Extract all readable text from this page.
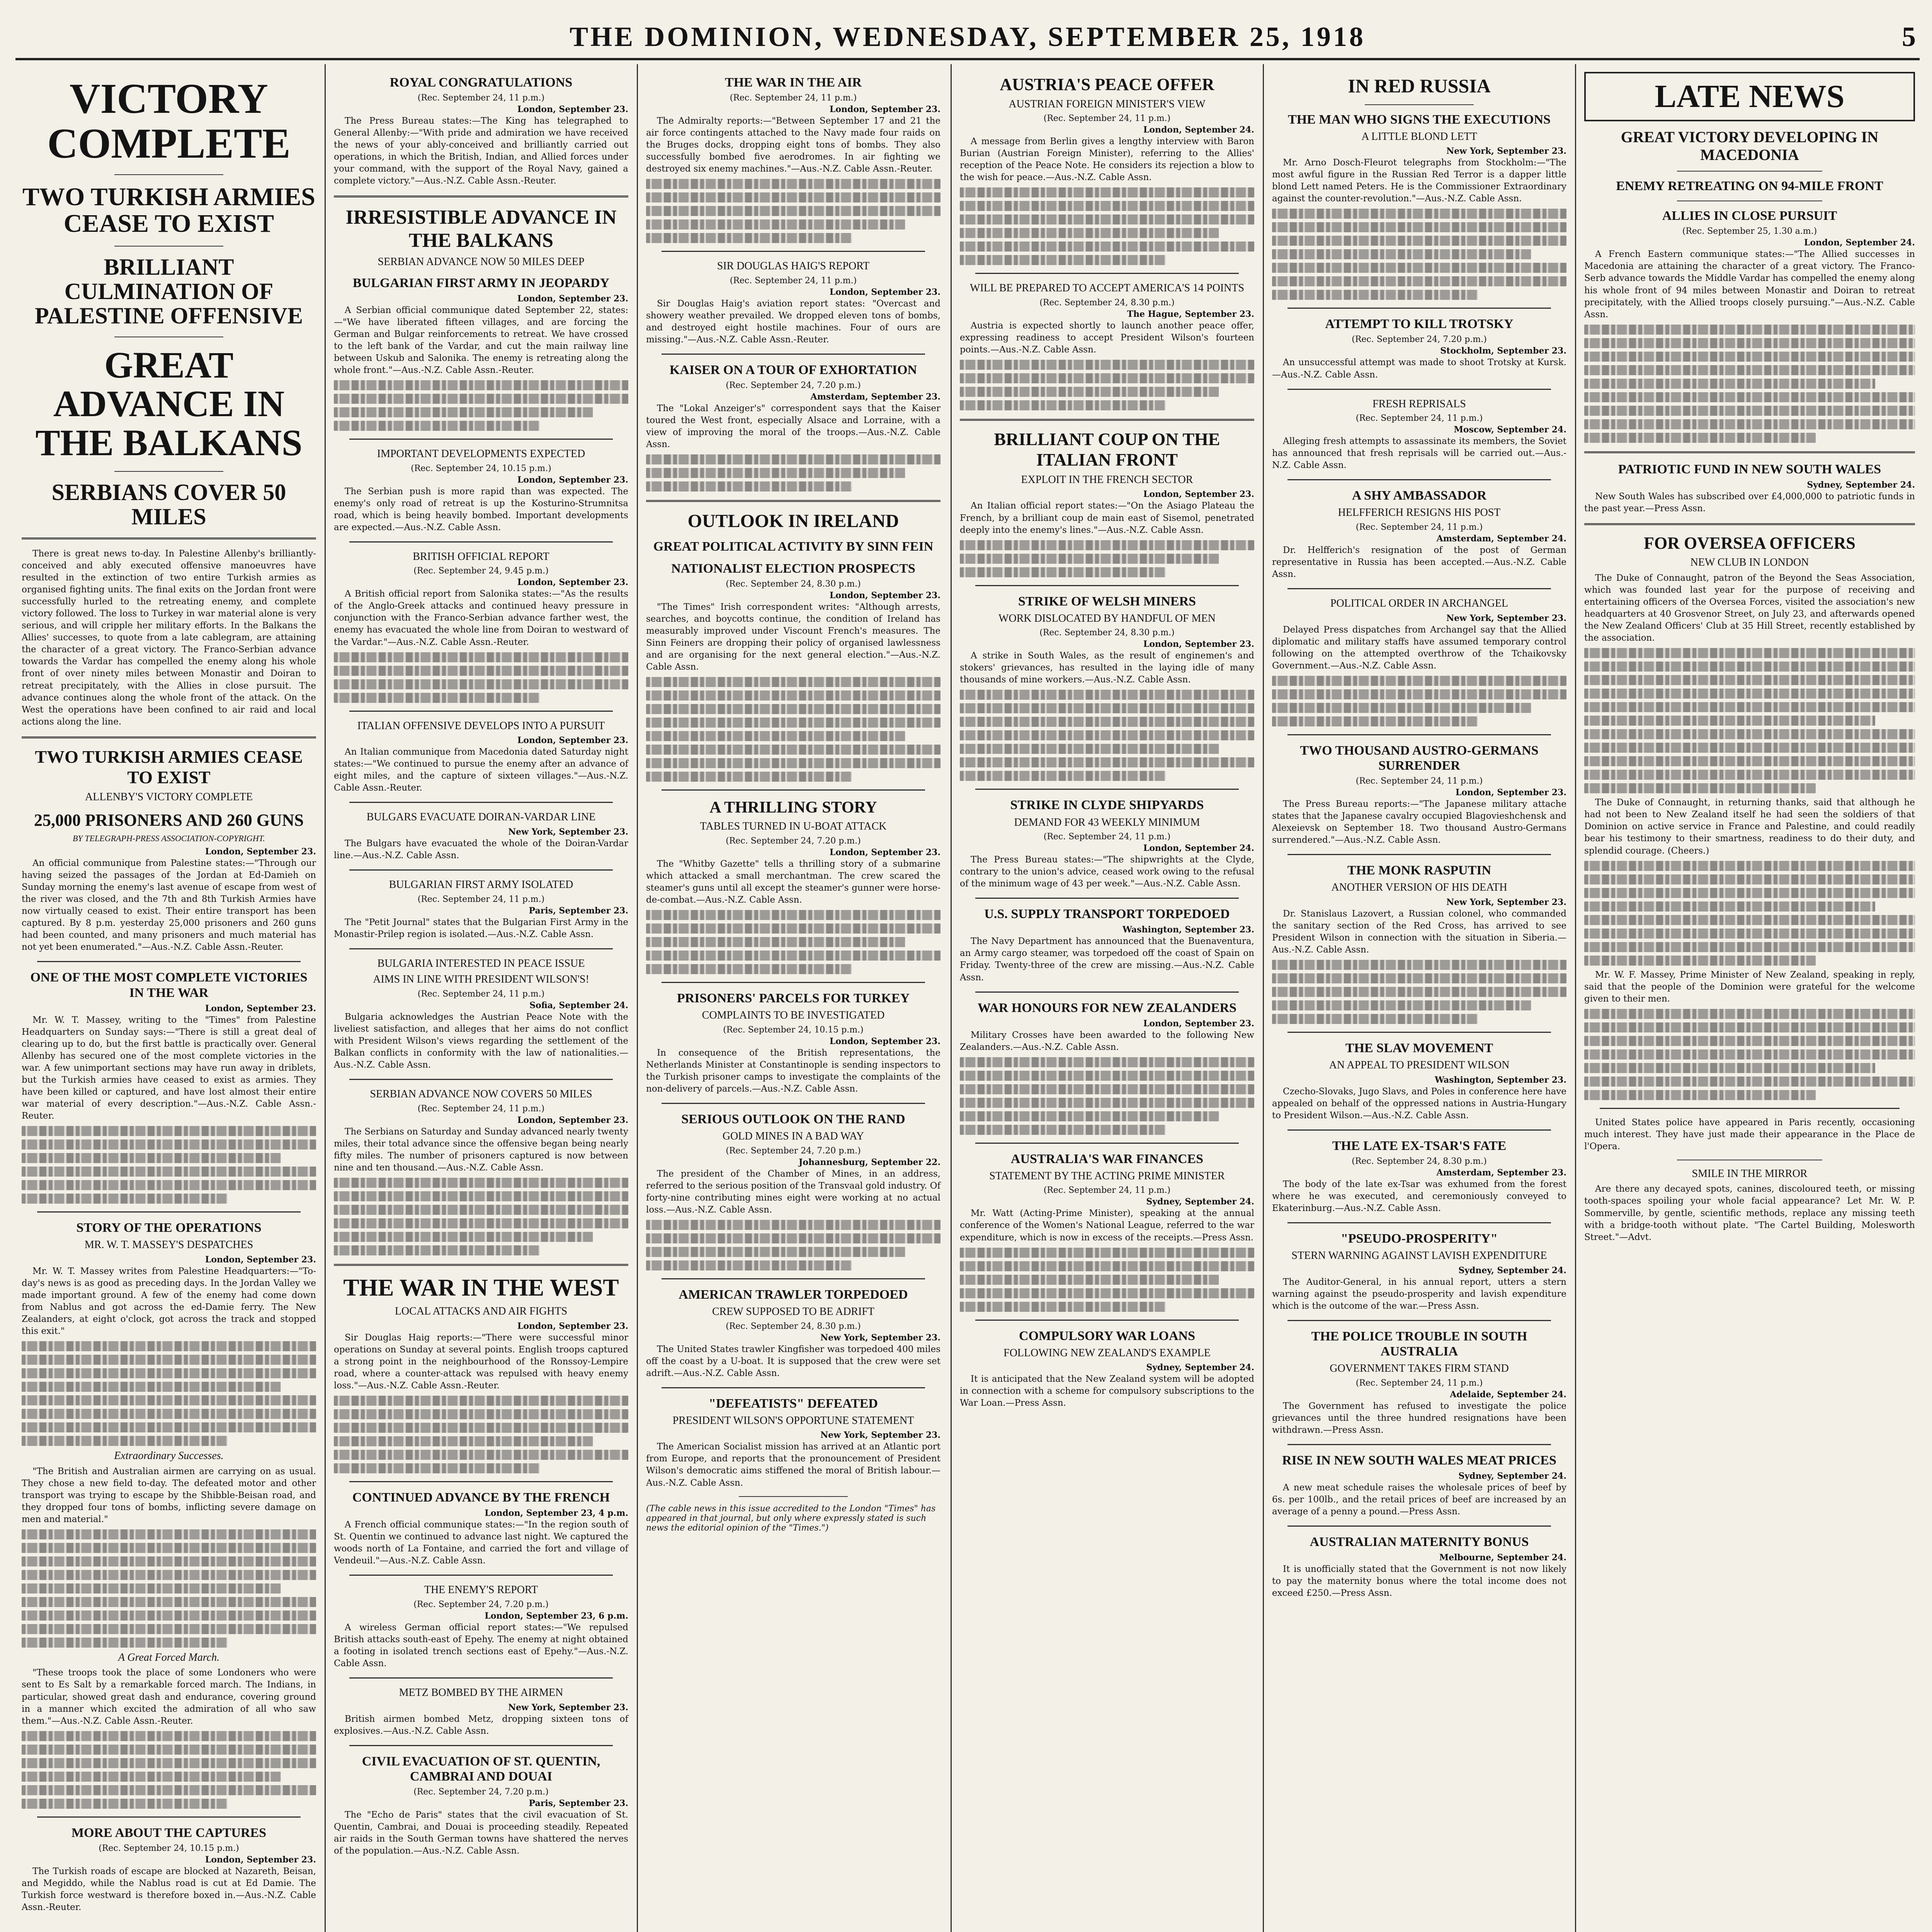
THE DOMINION, WEDNESDAY, SEPTEMBER 25, 1918	5
VICTORY COMPLETE
TWO TURKISH ARMIES CEASE TO EXIST
BRILLIANT CULMINATION OF PALESTINE OFFENSIVE
GREAT ADVANCE IN THE BALKANS
SERBIANS COVER 50 MILES

There is great news to-day. In Palestine Allenby's brilliantly-conceived and ably executed offensive manoeuvres have resulted in the extinction of two entire Turkish armies as organised fighting units. The final exits on the Jordan front were successfully hurled to the retreating enemy, and complete victory followed. The loss to Turkey in war material alone is very serious, and will cripple her military efforts. In the Balkans the Allies' successes, to quote from a late cablegram, are attaining the character of a great victory. The Franco-Serbian advance towards the Vardar has compelled the enemy along his whole front of over ninety miles between Monastir and Doiran to retreat precipitately, with the Allies in close pursuit. The advance continues along the whole front of the attack. On the West the operations have been confined to air raid and local actions along the line.

TWO TURKISH ARMIES CEASE TO EXIST
ALLENBY'S VICTORY COMPLETE
25,000 PRISONERS AND 260 GUNS
BY TELEGRAPH-PRESS ASSOCIATION-COPYRIGHT.
London, September 23.

An official communique from Palestine states:—"Through our having seized the passages of the Jordan at Ed-Damieh on Sunday morning the enemy's last avenue of escape from west of the river was closed, and the 7th and 8th Turkish Armies have now virtually ceased to exist. Their entire transport has been captured. By 8 p.m. yesterday 25,000 prisoners and 260 guns had been counted, and many prisoners and much material has not yet been enumerated."—Aus.-N.Z. Cable Assn.-Reuter.

ONE OF THE MOST COMPLETE VICTORIES IN THE WAR
London, September 23.

Mr. W. T. Massey, writing to the "Times" from Palestine Headquarters on Sunday says:—"There is still a great deal of clearing up to do, but the first battle is practically over. General Allenby has secured one of the most complete victories in the war. A few unimportant sections may have run away in driblets, but the Turkish armies have ceased to exist as armies. They have been killed or captured, and have lost almost their entire war material of every description."—Aus.-N.Z. Cable Assn.-Reuter.

STORY OF THE OPERATIONS
MR. W. T. MASSEY'S DESPATCHES
London, September 23.

Mr. W. T. Massey writes from Palestine Headquarters:—"To-day's news is as good as preceding days. In the Jordan Valley we made important ground. A few of the enemy had come down from Nablus and got across the ed-Damie ferry. The New Zealanders, at eight o'clock, got across the track and stopped this exit."

Extraordinary Successes.

"The British and Australian airmen are carrying on as usual. They chose a new field to-day. The defeated motor and other transport was trying to escape by the Shibble-Beisan road, and they dropped four tons of bombs, inflicting severe damage on men and material."

A Great Forced March.

"These troops took the place of some Londoners who were sent to Es Salt by a remarkable forced march. The Indians, in particular, showed great dash and endurance, covering ground in a manner which excited the admiration of all who saw them."—Aus.-N.Z. Cable Assn.-Reuter.

MORE ABOUT THE CAPTURES
(Rec. September 24, 10.15 p.m.)
London, September 23.

The Turkish roads of escape are blocked at Nazareth, Beisan, and Megiddo, while the Nablus road is cut at Ed Damie. The Turkish force westward is therefore boxed in.—Aus.-N.Z. Cable Assn.-Reuter.

ROYAL CONGRATULATIONS
(Rec. September 24, 11 p.m.)
London, September 23.

The Press Bureau states:—The King has telegraphed to General Allenby:—"With pride and admiration we have received the news of your ably-conceived and brilliantly carried out operations, in which the British, Indian, and Allied forces under your command, with the support of the Royal Navy, gained a complete victory."—Aus.-N.Z. Cable Assn.-Reuter.

IRRESISTIBLE ADVANCE IN THE BALKANS
SERBIAN ADVANCE NOW 50 MILES DEEP
BULGARIAN FIRST ARMY IN JEOPARDY
London, September 23.

A Serbian official communique dated September 22, states:—"We have liberated fifteen villages, and are forcing the German and Bulgar reinforcements to retreat. We have crossed to the left bank of the Vardar, and cut the main railway line between Uskub and Salonika. The enemy is retreating along the whole front."—Aus.-N.Z. Cable Assn.-Reuter.

IMPORTANT DEVELOPMENTS EXPECTED
(Rec. September 24, 10.15 p.m.)
London, September 23.

The Serbian push is more rapid than was expected. The enemy's only road of retreat is up the Kosturino-Strumnitsa road, which is being heavily bombed. Important developments are expected.—Aus.-N.Z. Cable Assn.

BRITISH OFFICIAL REPORT
(Rec. September 24, 9.45 p.m.)
London, September 23.

A British official report from Salonika states:—"As the results of the Anglo-Greek attacks and continued heavy pressure in conjunction with the Franco-Serbian advance farther west, the enemy has evacuated the whole line from Doiran to westward of the Vardar."—Aus.-N.Z. Cable Assn.-Reuter.

ITALIAN OFFENSIVE DEVELOPS INTO A PURSUIT
London, September 23.

An Italian communique from Macedonia dated Saturday night states:—"We continued to pursue the enemy after an advance of eight miles, and the capture of sixteen villages."—Aus.-N.Z. Cable Assn.-Reuter.

BULGARS EVACUATE DOIRAN-VARDAR LINE
New York, September 23.

The Bulgars have evacuated the whole of the Doiran-Vardar line.—Aus.-N.Z. Cable Assn.

BULGARIAN FIRST ARMY ISOLATED
(Rec. September 24, 11 p.m.)
Paris, September 23.

The "Petit Journal" states that the Bulgarian First Army in the Monastir-Prilep region is isolated.—Aus.-N.Z. Cable Assn.

BULGARIA INTERESTED IN PEACE ISSUE
AIMS IN LINE WITH PRESIDENT WILSON'S!
(Rec. September 24, 11 p.m.)
Sofia, September 24.

Bulgaria acknowledges the Austrian Peace Note with the liveliest satisfaction, and alleges that her aims do not conflict with President Wilson's views regarding the settlement of the Balkan conflicts in conformity with the law of nationalities.—Aus.-N.Z. Cable Assn.

SERBIAN ADVANCE NOW COVERS 50 MILES
(Rec. September 24, 11 p.m.)
London, September 23.

The Serbians on Saturday and Sunday advanced nearly twenty miles, their total advance since the offensive began being nearly fifty miles. The number of prisoners captured is now between nine and ten thousand.—Aus.-N.Z. Cable Assn.

THE WAR IN THE WEST
LOCAL ATTACKS AND AIR FIGHTS
London, September 23.

Sir Douglas Haig reports:—"There were successful minor operations on Sunday at several points. English troops captured a strong point in the neighbourhood of the Ronssoy-Lempire road, where a counter-attack was repulsed with heavy enemy loss."—Aus.-N.Z. Cable Assn.-Reuter.

CONTINUED ADVANCE BY THE FRENCH
London, September 23, 4 p.m.

A French official communique states:—"In the region south of St. Quentin we continued to advance last night. We captured the woods north of La Fontaine, and carried the fort and village of Vendeuil."—Aus.-N.Z. Cable Assn.

THE ENEMY'S REPORT
(Rec. September 24, 7.20 p.m.)
London, September 23, 6 p.m.

A wireless German official report states:—"We repulsed British attacks south-east of Epehy. The enemy at night obtained a footing in isolated trench sections east of Epehy."—Aus.-N.Z. Cable Assn.

METZ BOMBED BY THE AIRMEN
New York, September 23.

British airmen bombed Metz, dropping sixteen tons of explosives.—Aus.-N.Z. Cable Assn.

CIVIL EVACUATION OF ST. QUENTIN, CAMBRAI AND DOUAI
(Rec. September 24, 7.20 p.m.)
Paris, September 23.

The "Echo de Paris" states that the civil evacuation of St. Quentin, Cambrai, and Douai is proceeding steadily. Repeated air raids in the South German towns have shattered the nerves of the population.—Aus.-N.Z. Cable Assn.

THE WAR IN THE AIR
(Rec. September 24, 11 p.m.)
London, September 23.

The Admiralty reports:—"Between September 17 and 21 the air force contingents attached to the Navy made four raids on the Bruges docks, dropping eight tons of bombs. They also successfully bombed five aerodromes. In air fighting we destroyed six enemy machines."—Aus.-N.Z. Cable Assn.-Reuter.

SIR DOUGLAS HAIG'S REPORT
(Rec. September 24, 11 p.m.)
London, September 23.

Sir Douglas Haig's aviation report states: "Overcast and showery weather prevailed. We dropped eleven tons of bombs, and destroyed eight hostile machines. Four of ours are missing."—Aus.-N.Z. Cable Assn.-Reuter.

KAISER ON A TOUR OF EXHORTATION
(Rec. September 24, 7.20 p.m.)
Amsterdam, September 23.

The "Lokal Anzeiger's" correspondent says that the Kaiser toured the West front, especially Alsace and Lorraine, with a view of improving the moral of the troops.—Aus.-N.Z. Cable Assn.

OUTLOOK IN IRELAND
GREAT POLITICAL ACTIVITY BY SINN FEIN
NATIONALIST ELECTION PROSPECTS
(Rec. September 24, 8.30 p.m.)
London, September 23.

"The Times" Irish correspondent writes: "Although arrests, searches, and boycotts continue, the condition of Ireland has measurably improved under Viscount French's measures. The Sinn Feiners are dropping their policy of organised lawlessness and are organising for the next general election."—Aus.-N.Z. Cable Assn.

A THRILLING STORY
TABLES TURNED IN U-BOAT ATTACK
(Rec. September 24, 7.20 p.m.)
London, September 23.

The "Whitby Gazette" tells a thrilling story of a submarine which attacked a small merchantman. The crew scared the steamer's guns until all except the steamer's gunner were horse-de-combat.—Aus.-N.Z. Cable Assn.

PRISONERS' PARCELS FOR TURKEY
COMPLAINTS TO BE INVESTIGATED
(Rec. September 24, 10.15 p.m.)
London, September 23.

In consequence of the British representations, the Netherlands Minister at Constantinople is sending inspectors to the Turkish prisoner camps to investigate the complaints of the non-delivery of parcels.—Aus.-N.Z. Cable Assn.

SERIOUS OUTLOOK ON THE RAND
GOLD MINES IN A BAD WAY
(Rec. September 24, 7.20 p.m.)
Johannesburg, September 22.

The president of the Chamber of Mines, in an address, referred to the serious position of the Transvaal gold industry. Of forty-nine contributing mines eight were working at no actual loss.—Aus.-N.Z. Cable Assn.

AMERICAN TRAWLER TORPEDOED
CREW SUPPOSED TO BE ADRIFT
(Rec. September 24, 8.30 p.m.)
New York, September 23.

The United States trawler Kingfisher was torpedoed 400 miles off the coast by a U-boat. It is supposed that the crew were set adrift.—Aus.-N.Z. Cable Assn.

"DEFEATISTS" DEFEATED
PRESIDENT WILSON'S OPPORTUNE STATEMENT
New York, September 23.

The American Socialist mission has arrived at an Atlantic port from Europe, and reports that the pronouncement of President Wilson's democratic aims stiffened the moral of British labour.—Aus.-N.Z. Cable Assn.

(The cable news in this issue accredited to the London "Times" has appeared in that journal, but only where expressly stated is such news the editorial opinion of the "Times.")

AUSTRIA'S PEACE OFFER
AUSTRIAN FOREIGN MINISTER'S VIEW
(Rec. September 24, 11 p.m.)
London, September 24.

A message from Berlin gives a lengthy interview with Baron Burian (Austrian Foreign Minister), referring to the Allies' reception of the Peace Note. He considers its rejection a blow to the wish for peace.—Aus.-N.Z. Cable Assn.

WILL BE PREPARED TO ACCEPT AMERICA'S 14 POINTS
(Rec. September 24, 8.30 p.m.)
The Hague, September 23.

Austria is expected shortly to launch another peace offer, expressing readiness to accept President Wilson's fourteen points.—Aus.-N.Z. Cable Assn.

BRILLIANT COUP ON THE ITALIAN FRONT
EXPLOIT IN THE FRENCH SECTOR
London, September 23.

An Italian official report states:—"On the Asiago Plateau the French, by a brilliant coup de main east of Sisemol, penetrated deeply into the enemy's lines."—Aus.-N.Z. Cable Assn.

STRIKE OF WELSH MINERS
WORK DISLOCATED BY HANDFUL OF MEN
(Rec. September 24, 8.30 p.m.)
London, September 23.

A strike in South Wales, as the result of enginemen's and stokers' grievances, has resulted in the laying idle of many thousands of mine workers.—Aus.-N.Z. Cable Assn.

STRIKE IN CLYDE SHIPYARDS
DEMAND FOR 43 WEEKLY MINIMUM
(Rec. September 24, 11 p.m.)
London, September 24.

The Press Bureau states:—"The shipwrights at the Clyde, contrary to the union's advice, ceased work owing to the refusal of the minimum wage of 43 per week."—Aus.-N.Z. Cable Assn.

U.S. SUPPLY TRANSPORT TORPEDOED
Washington, September 23.

The Navy Department has announced that the Buenaventura, an Army cargo steamer, was torpedoed off the coast of Spain on Friday. Twenty-three of the crew are missing.—Aus.-N.Z. Cable Assn.

WAR HONOURS FOR NEW ZEALANDERS
London, September 23.

Military Crosses have been awarded to the following New Zealanders.—Aus.-N.Z. Cable Assn.

AUSTRALIA'S WAR FINANCES
STATEMENT BY THE ACTING PRIME MINISTER
(Rec. September 24, 11 p.m.)
Sydney, September 24.

Mr. Watt (Acting-Prime Minister), speaking at the annual conference of the Women's National League, referred to the war expenditure, which is now in excess of the receipts.—Press Assn.

COMPULSORY WAR LOANS
FOLLOWING NEW ZEALAND'S EXAMPLE
Sydney, September 24.

It is anticipated that the New Zealand system will be adopted in connection with a scheme for compulsory subscriptions to the War Loan.—Press Assn.

IN RED RUSSIA
THE MAN WHO SIGNS THE EXECUTIONS
A LITTLE BLOND LETT
New York, September 23.

Mr. Arno Dosch-Fleurot telegraphs from Stockholm:—"The most awful figure in the Russian Red Terror is a dapper little blond Lett named Peters. He is the Commissioner Extraordinary against the counter-revolution."—Aus.-N.Z. Cable Assn.

ATTEMPT TO KILL TROTSKY
(Rec. September 24, 7.20 p.m.)
Stockholm, September 23.

An unsuccessful attempt was made to shoot Trotsky at Kursk.—Aus.-N.Z. Cable Assn.

FRESH REPRISALS
(Rec. September 24, 11 p.m.)
Moscow, September 24.

Alleging fresh attempts to assassinate its members, the Soviet has announced that fresh reprisals will be carried out.—Aus.-N.Z. Cable Assn.

A SHY AMBASSADOR
HELFFERICH RESIGNS HIS POST
(Rec. September 24, 11 p.m.)
Amsterdam, September 24.

Dr. Helfferich's resignation of the post of German representative in Russia has been accepted.—Aus.-N.Z. Cable Assn.

POLITICAL ORDER IN ARCHANGEL
New York, September 23.

Delayed Press dispatches from Archangel say that the Allied diplomatic and military staffs have assumed temporary control following on the attempted overthrow of the Tchaikovsky Government.—Aus.-N.Z. Cable Assn.

TWO THOUSAND AUSTRO-GERMANS SURRENDER
(Rec. September 24, 11 p.m.)
London, September 23.

The Press Bureau reports:—"The Japanese military attache states that the Japanese cavalry occupied Blagovieshchensk and Alexeievsk on September 18. Two thousand Austro-Germans surrendered."—Aus.-N.Z. Cable Assn.

THE MONK RASPUTIN
ANOTHER VERSION OF HIS DEATH
New York, September 23.

Dr. Stanislaus Lazovert, a Russian colonel, who commanded the sanitary section of the Red Cross, has arrived to see President Wilson in connection with the situation in Siberia.—Aus.-N.Z. Cable Assn.

THE SLAV MOVEMENT
AN APPEAL TO PRESIDENT WILSON
Washington, September 23.

Czecho-Slovaks, Jugo Slavs, and Poles in conference here have appealed on behalf of the oppressed nations in Austria-Hungary to President Wilson.—Aus.-N.Z. Cable Assn.

THE LATE EX-TSAR'S FATE
(Rec. September 24, 8.30 p.m.)
Amsterdam, September 23.

The body of the late ex-Tsar was exhumed from the forest where he was executed, and ceremoniously conveyed to Ekaterinburg.—Aus.-N.Z. Cable Assn.

"PSEUDO-PROSPERITY"
STERN WARNING AGAINST LAVISH EXPENDITURE
Sydney, September 24.

The Auditor-General, in his annual report, utters a stern warning against the pseudo-prosperity and lavish expenditure which is the outcome of the war.—Press Assn.

THE POLICE TROUBLE IN SOUTH AUSTRALIA
GOVERNMENT TAKES FIRM STAND
(Rec. September 24, 11 p.m.)
Adelaide, September 24.

The Government has refused to investigate the police grievances until the three hundred resignations have been withdrawn.—Press Assn.

RISE IN NEW SOUTH WALES MEAT PRICES
Sydney, September 24.

A new meat schedule raises the wholesale prices of beef by 6s. per 100lb., and the retail prices of beef are increased by an average of a penny a pound.—Press Assn.

AUSTRALIAN MATERNITY BONUS
Melbourne, September 24.

It is unofficially stated that the Government is not now likely to pay the maternity bonus where the total income does not exceed £250.—Press Assn.

LATE NEWS
GREAT VICTORY DEVELOPING IN MACEDONIA
ENEMY RETREATING ON 94-MILE FRONT
ALLIES IN CLOSE PURSUIT
(Rec. September 25, 1.30 a.m.)
London, September 24.

A French Eastern communique states:—"The Allied successes in Macedonia are attaining the character of a great victory. The Franco-Serb advance towards the Middle Vardar has compelled the enemy along his whole front of 94 miles between Monastir and Doiran to retreat precipitately, with the Allied troops closely pursuing."—Aus.-N.Z. Cable Assn.

PATRIOTIC FUND IN NEW SOUTH WALES
Sydney, September 24.

New South Wales has subscribed over £4,000,000 to patriotic funds in the past year.—Press Assn.

FOR OVERSEA OFFICERS
NEW CLUB IN LONDON

The Duke of Connaught, patron of the Beyond the Seas Association, which was founded last year for the purpose of receiving and entertaining officers of the Oversea Forces, visited the association's new headquarters at 40 Grosvenor Street, on July 23, and afterwards opened the New Zealand Officers' Club at 35 Hill Street, recently established by the association.

The Duke of Connaught, in returning thanks, said that although he had not been to New Zealand itself he had seen the soldiers of that Dominion on active service in France and Palestine, and could readily bear his testimony to their smartness, readiness to do their duty, and splendid courage. (Cheers.)

Mr. W. F. Massey, Prime Minister of New Zealand, speaking in reply, said that the people of the Dominion were grateful for the welcome given to their men.

United States police have appeared in Paris recently, occasioning much interest. They have just made their appearance in the Place de l'Opera.

SMILE IN THE MIRROR

Are there any decayed spots, canines, discoloured teeth, or missing tooth-spaces spoiling your whole facial appearance? Let Mr. W. P. Sommerville, by gentle, scientific methods, replace any missing teeth with a bridge-tooth without plate. "The Cartel Building, Molesworth Street."—Advt.
